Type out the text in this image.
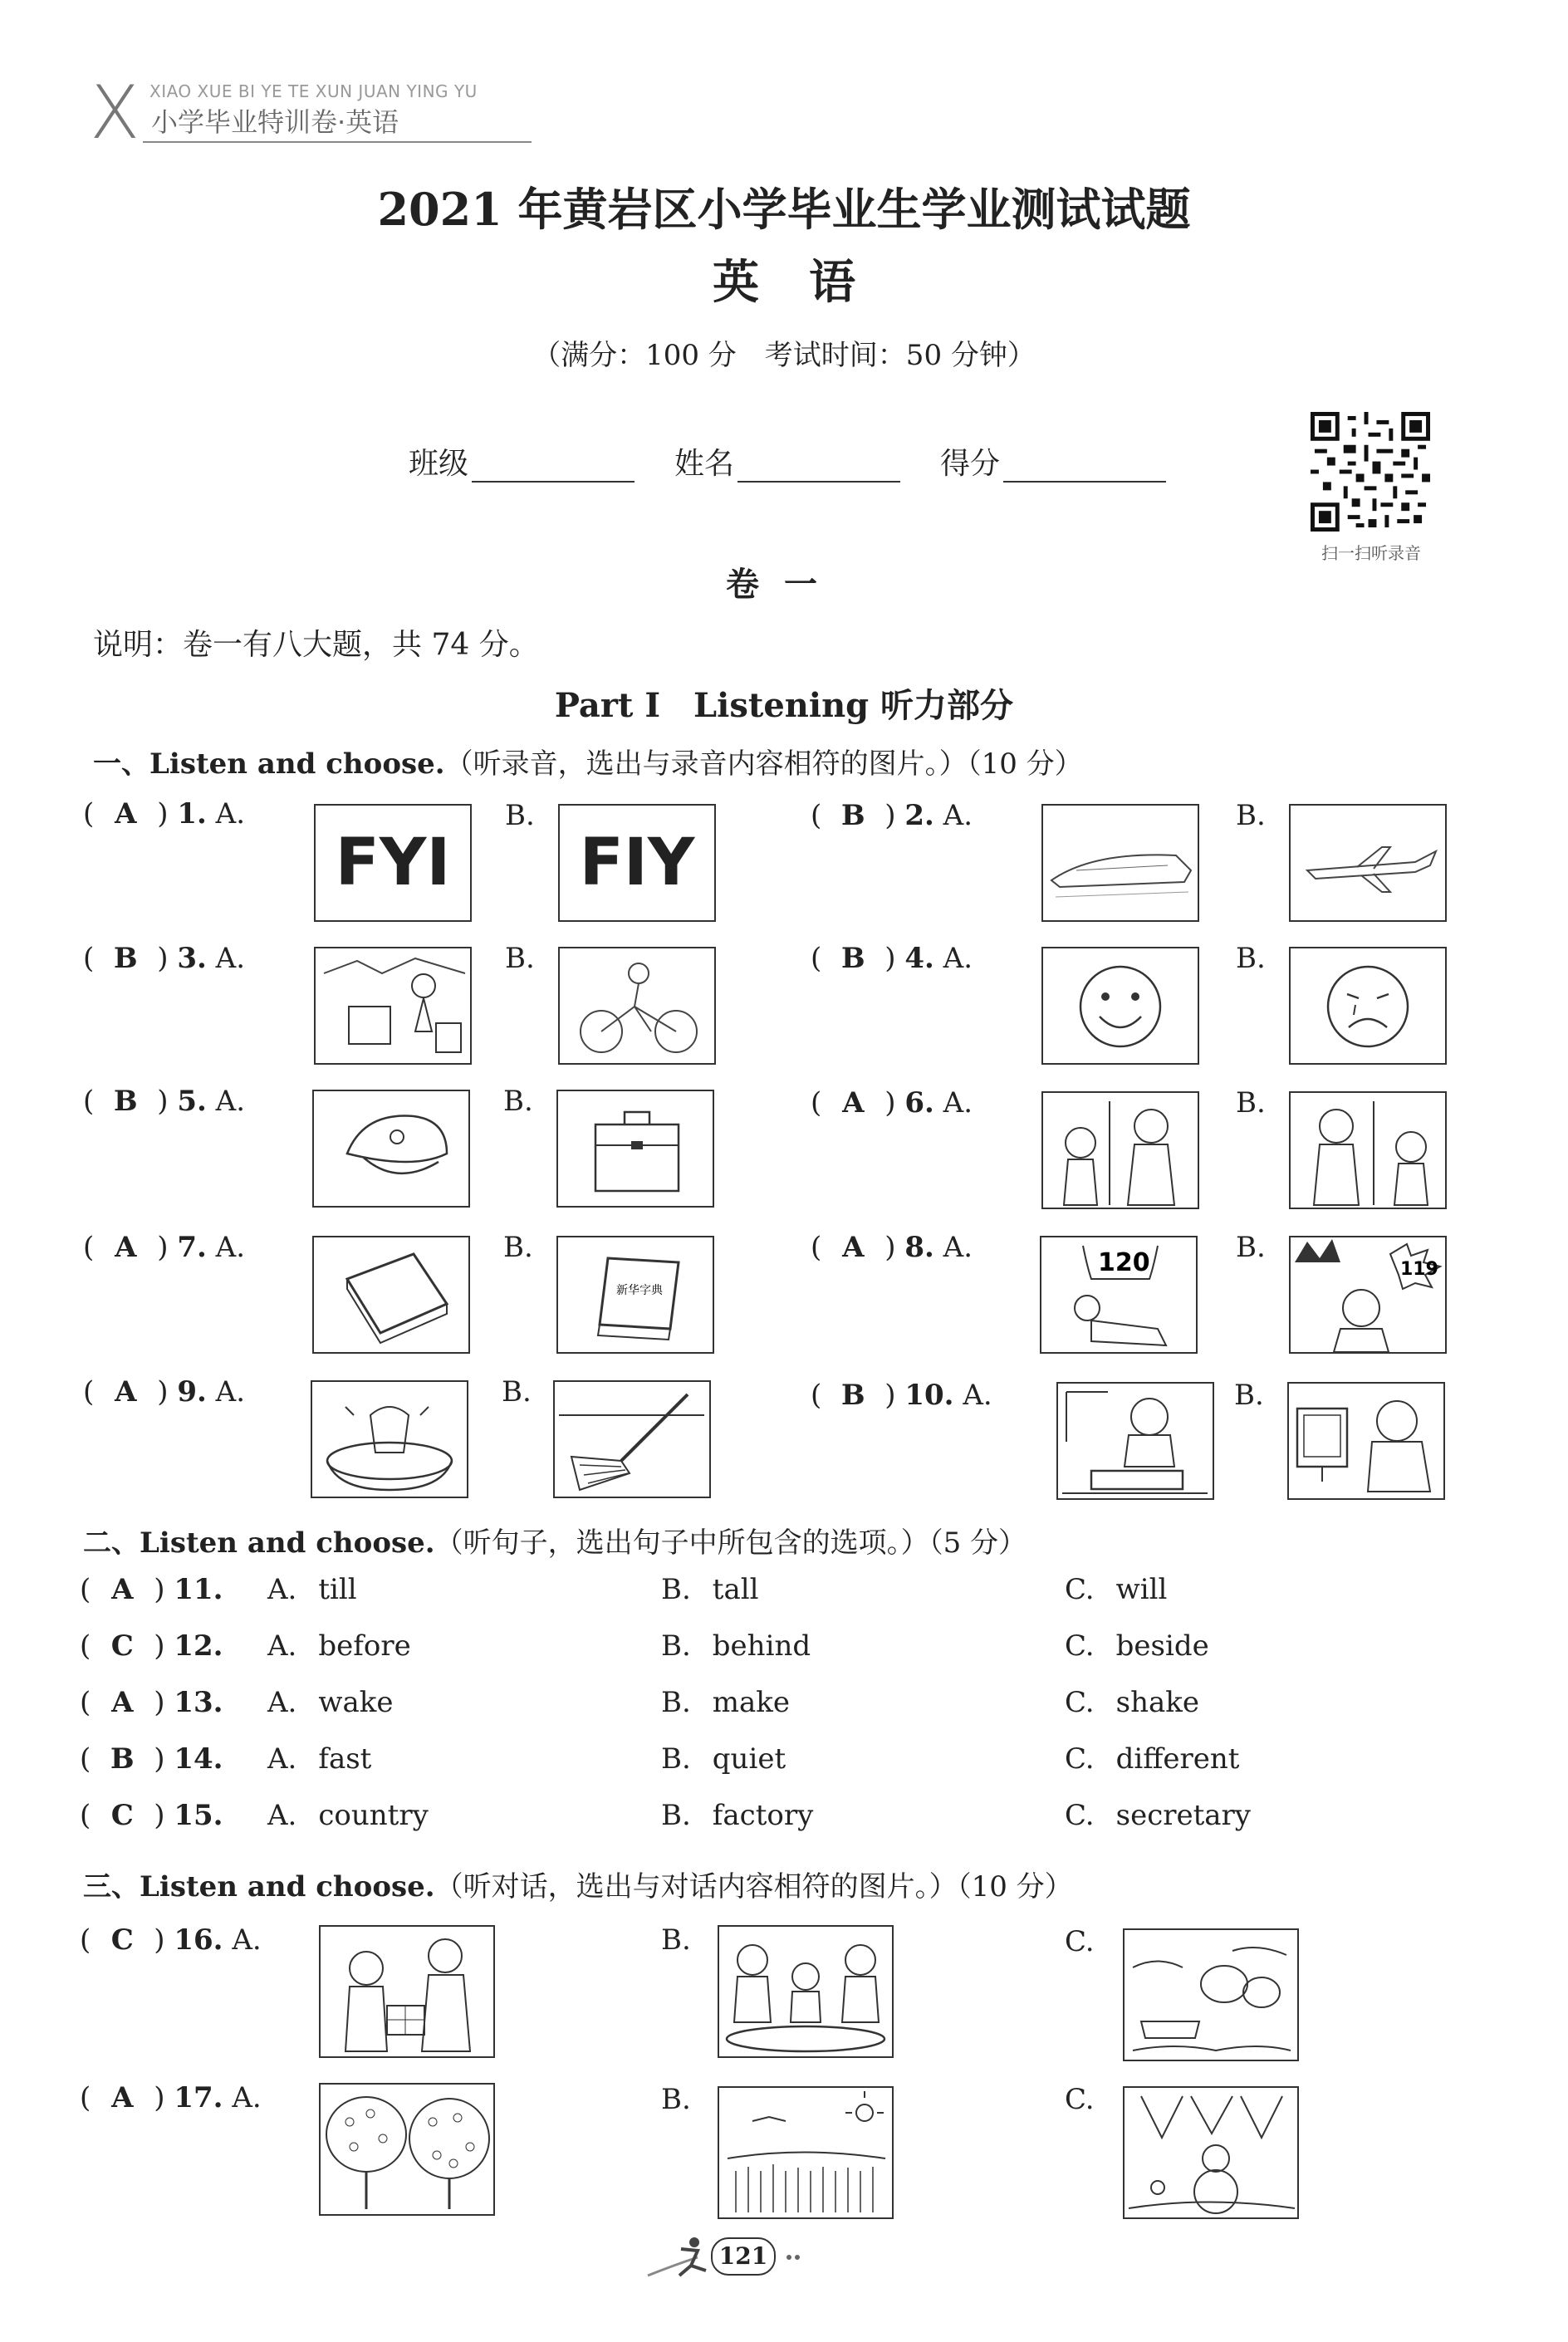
X XIAO XUE BI YE TE XUN JUAN YING YU
小学毕业特训卷·英语
2021 年黄岩区小学毕业生学业测试试题
英语
（满分：100 分　考试时间：50 分钟）
班级	姓名	得分
扫一扫听录音
卷一
说明：卷一有八大题，共 74 分。
Part Ⅰ　Listening 听力部分
一、Listen and choose.（听录音，选出与录音内容相符的图片。）（10 分）
( A ) 1. A.
FYI
B.
FIY
( B ) 2. A.	B.
( B ) 3. A.	B.	( B ) 4. A.	B.
( B ) 5. A.	B.	( A ) 6. A.	B.
( A ) 7. A.	B.
新华字典
( A ) 8. A.	120	B.
119
( A ) 9. A.	B.	( B ) 10. A.	B.
二、Listen and choose.（听句子，选出句子中所包含的选项。）（5 分）
( A ) 11. A. till	B. tall	C. will
( C ) 12. A. before	B. behind	C. beside
( A ) 13. A. wake	B. make	C. shake
( B ) 14. A. fast	B. quiet	C. different
( C ) 15. A. country	B. factory	C. secretary
三、Listen and choose.（听对话，选出与对话内容相符的图片。）（10 分）
( C ) 16. A.	B.	C.
( A ) 17. A.	B.	C.
121
